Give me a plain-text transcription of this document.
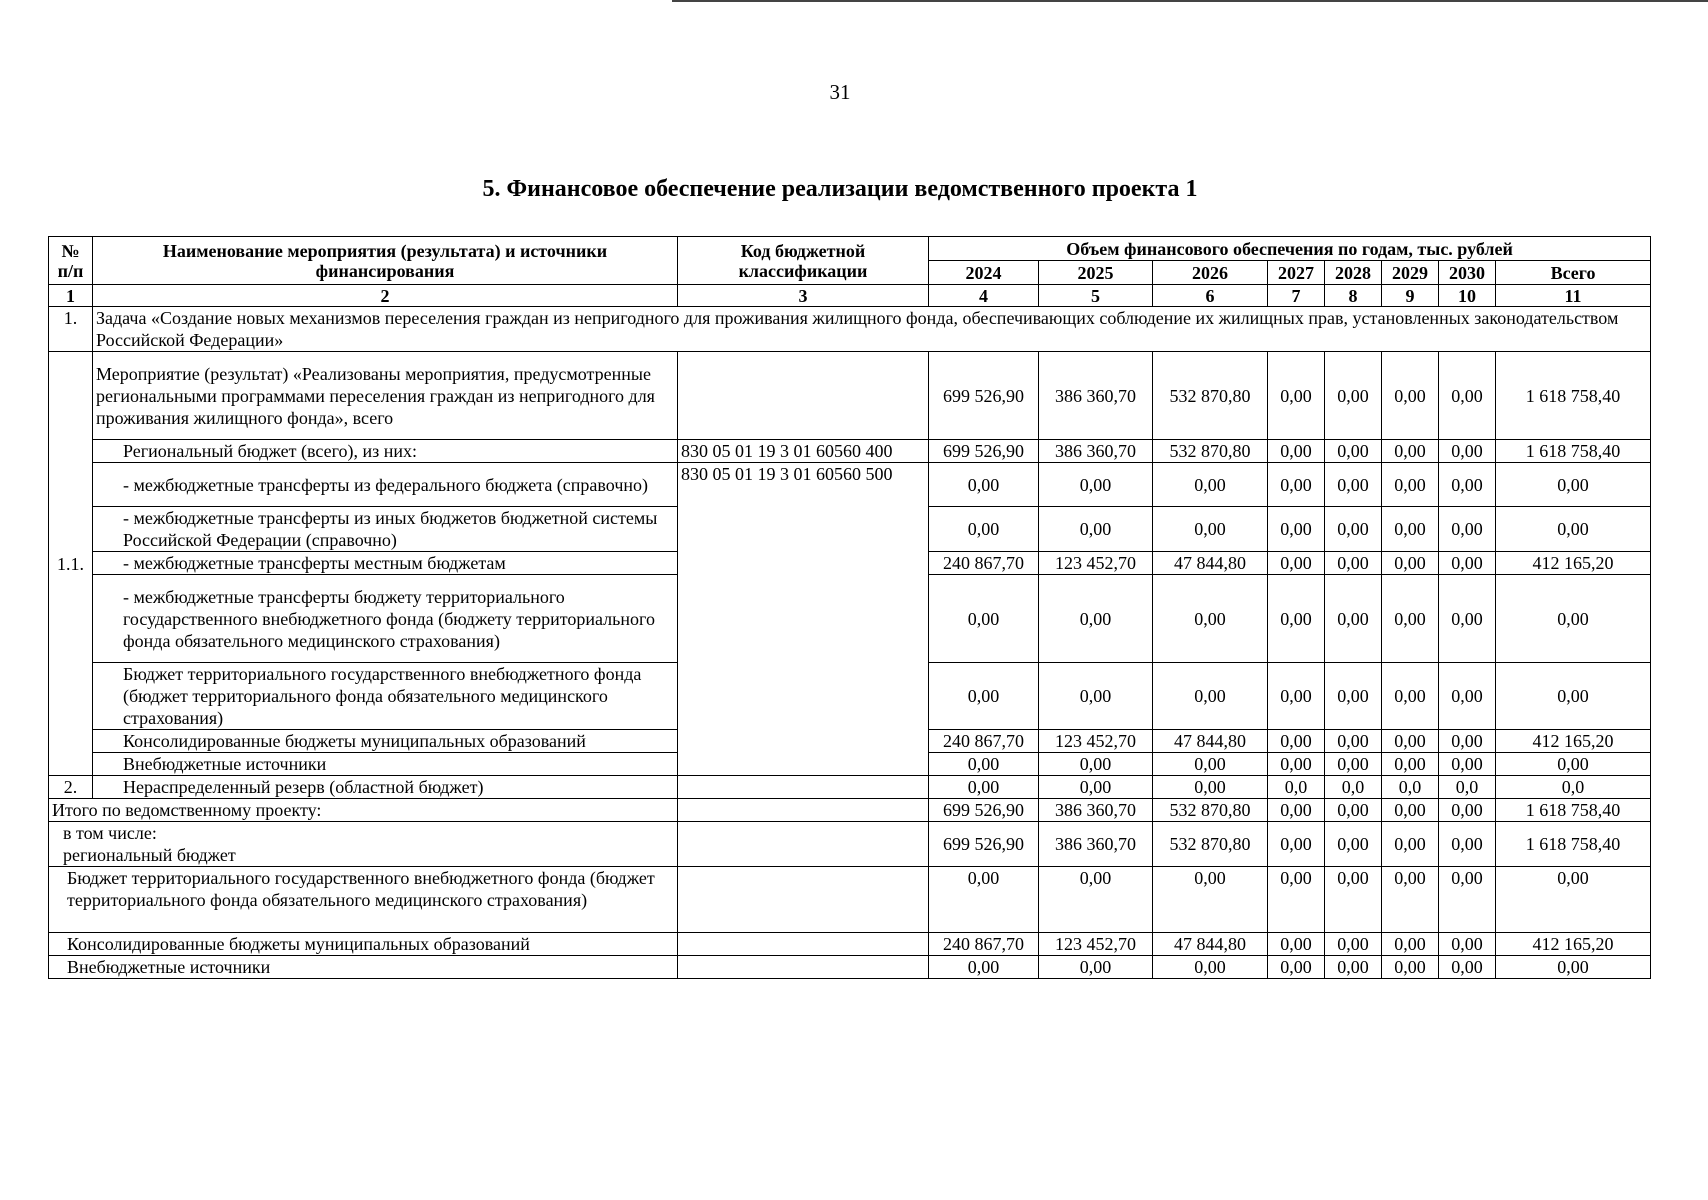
31
5. Финансовое обеспечение реализации ведомственного проекта 1
№ п/п	Наименование мероприятия (результата) и источники финансирования	Код бюджетной классификации	Объем финансового обеспечения по годам, тыс. рублей							
			2024	2025	2026	2027	2028	2029	2030	Всего
1	2	3	4	5	6	7	8	9	10	11
1.	Задача «Создание новых механизмов переселения граждан из непригодного для проживания жилищного фонда, обеспечивающих соблюдение их жилищных прав, установленных законодательством Российской Федерации»									
1.1.	Мероприятие (результат) «Реализованы мероприятия, предусмотренные региональными программами переселения граждан из непригодного для проживания жилищного фонда», всего		699 526,90	386 360,70	532 870,80	0,00	0,00	0,00	0,00	1 618 758,40
	Региональный бюджет (всего), из них:	830 05 01 19 3 01 60560 400	699 526,90	386 360,70	532 870,80	0,00	0,00	0,00	0,00	1 618 758,40
	- межбюджетные трансферты из федерального бюджета (справочно)	830 05 01 19 3 01 60560 500	0,00	0,00	0,00	0,00	0,00	0,00	0,00	0,00
	- межбюджетные трансферты из иных бюджетов бюджетной системы Российской Федерации (справочно)		0,00	0,00	0,00	0,00	0,00	0,00	0,00	0,00
	- межбюджетные трансферты местным бюджетам		240 867,70	123 452,70	47 844,80	0,00	0,00	0,00	0,00	412 165,20
	- межбюджетные трансферты бюджету территориального государственного внебюджетного фонда (бюджету территориального фонда обязательного медицинского страхования)		0,00	0,00	0,00	0,00	0,00	0,00	0,00	0,00
	Бюджет территориального государственного внебюджетного фонда (бюджет территориального фонда обязательного медицинского страхования)		0,00	0,00	0,00	0,00	0,00	0,00	0,00	0,00
	Консолидированные бюджеты муниципальных образований		240 867,70	123 452,70	47 844,80	0,00	0,00	0,00	0,00	412 165,20
	Внебюджетные источники		0,00	0,00	0,00	0,00	0,00	0,00	0,00	0,00
2.	Нераспределенный резерв (областной бюджет)		0,00	0,00	0,00	0,0	0,0	0,0	0,0	0,0
Итого по ведомственному проекту:			699 526,90	386 360,70	532 870,80	0,00	0,00	0,00	0,00	1 618 758,40

в том числе:
региональный бюджет			699 526,90	386 360,70	532 870,80	0,00	0,00	0,00	0,00	1 618 758,40
Бюджет территориального государственного внебюджетного фонда (бюджет территориального фонда обязательного медицинского страхования)			0,00	0,00	0,00	0,00	0,00	0,00	0,00	0,00
Консолидированные бюджеты муниципальных образований			240 867,70	123 452,70	47 844,80	0,00	0,00	0,00	0,00	412 165,20
Внебюджетные источники			0,00	0,00	0,00	0,00	0,00	0,00	0,00	0,00
